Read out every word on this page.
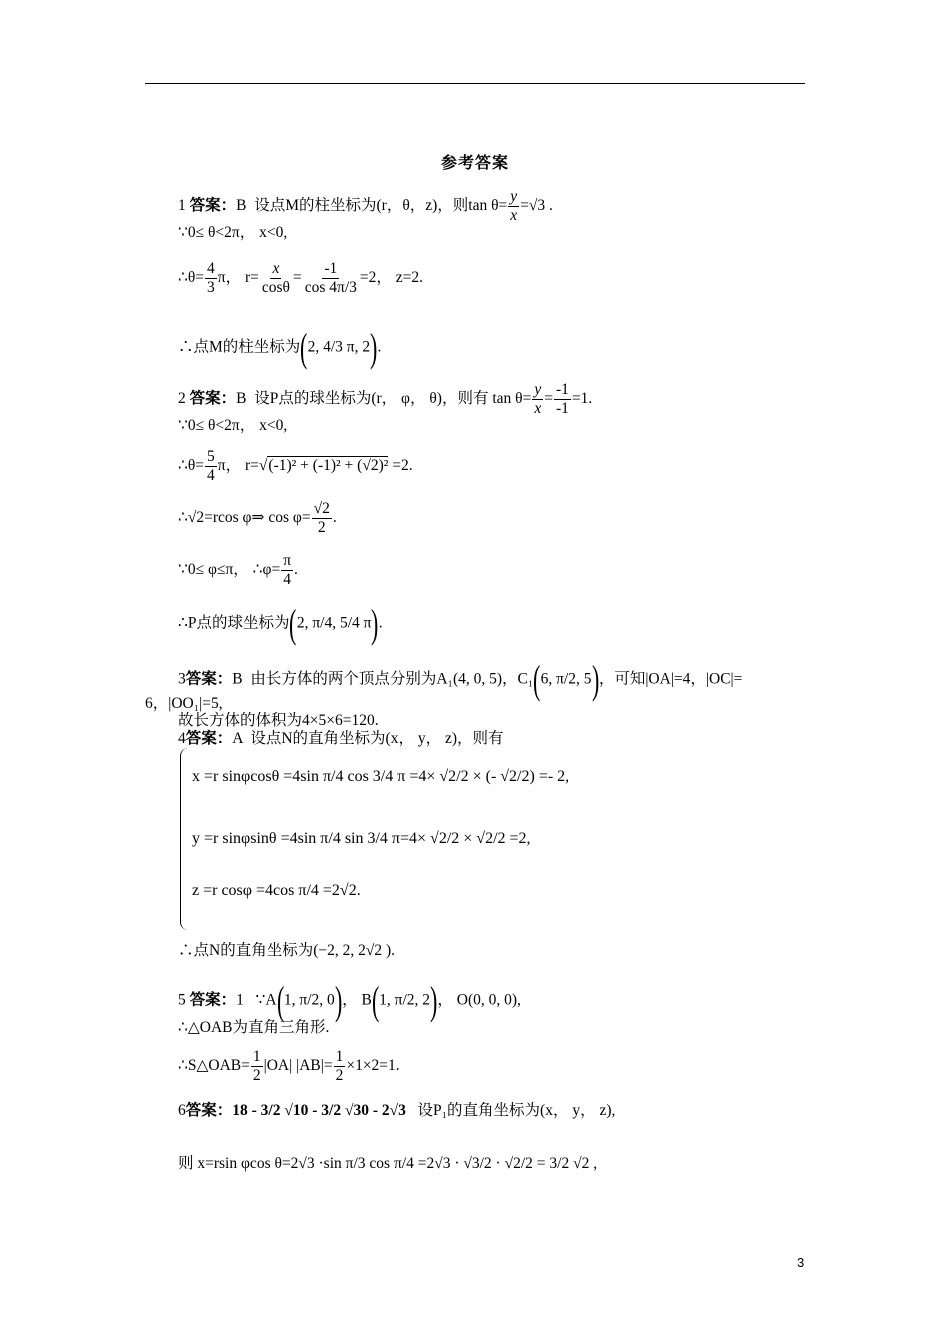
参考答案
1 答案：B 设点M的柱坐标为(r，θ，z)，则$\tan \theta= \frac{y}{x} =√3$ .
∵0≤ θ<2π， x<0,
∴θ= $\frac{4}{3}$ π， $r= \frac{x}{\cos\theta} = \frac{-1}{\cos 4\pi/3} =2$， z=2.
∴点M的柱坐标为(2, 4/3 π, 2).
2 答案：B 设P点的球坐标为(r， φ， θ)，则有 $\tan \theta= \frac{y}{x} = \frac{-1}{-1} =1$.
∵0≤ θ<2π， x<0,
∴θ= $\frac{5}{4}$ π， r=√(-1)² + (-1)² + (√2)² =2.
∴√2=rcos φ⇒ $\cos \varphi= \frac{√2}{2}$ .
∵0≤ φ≤π， ∴φ= $\frac{\pi}{4}$ .
∴P点的球坐标为(2, π/4, 5/4 π).
3答案：B 由长方体的两个顶点分别为A₁(4, 0, 5)，C₁(6, π/2, 5)，可知|OA|=4，|OC|=
6，|OO₁|=5,
故长方体的体积为4×5×6=120.
4答案：A 设点N的直角坐标为(x， y， z)，则有
x =r sinφcosθ =4sin π/4 cos 3/4 π =4× √2/2 × (- √2/2) =- 2,
y =r sinφsinθ =4sin π/4 sin 3/4 π=4× √2/2 × √2/2 =2,
z =r cosφ =4cos π/4 =2√2.
∴点N的直角坐标为(−2, 2, 2√2 ).
5 答案：1 ∵A(1, π/2, 0)， B(1, π/2, 2)， O(0, 0, 0),
∴△OAB为直角三角形.
∴S△OAB= $\frac{1}{2} |OA|$ $|AB|= \frac{1}{2} \times 1\times 2=1$.
6答案：18 - 3/2 √10 - 3/2 √30 - 2√3 设P₁的直角坐标为(x， y， z),
则 x=rsin φcos θ=2√3 ·sin π/3 cos π/4 =2√3 · √3/2 · √2/2 = 3/2 √2 ,
3
